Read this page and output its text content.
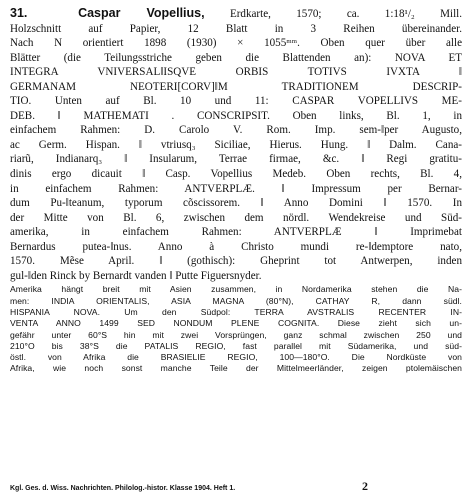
31.	Caspar Vopellius, Erdkarte, 1570; ca. 1:18¹/₂ Mill.
Holzschnitt auf Papier, 12 Blatt in 3 Reihen übereinander.
Nach N orientiert 1898 (1930) × 1055ᵐᵐ. Oben quer über alle
Blätter (die Teilungsstriche geben die Blattenden an): NOVA ET
INTEGRA VNIVERSAL‖ISQVE ORBIS TOTIVS IVXTA ‖
GERMANAM NEOTERI[CORV]‖M TRADITIONEM DESCRIP-
TIO. Unten auf Bl. 10 und 11: CASPAR VOPELLIVS ME-
DEB. ‖ MATHEMATI . CONSCRIPSIT. Oben links, Bl. 1, in
einfachem Rahmen: D. Carolo V. Rom. Imp. sem-‖per Augusto,
ac Germ. Hispan. ‖ vtriusq₃ Siciliae, Hierus. Hung. ‖ Dalm. Cana-
riarũ, Indianarq₃ ‖ Insularum, Terrae firmae, &c. ‖ Regi gratitu-
dinis ergo dicauit ‖ Casp. Vopellius Medeb. Oben rechts, Bl. 4,
in einfachem Rahmen: ANTVERPLÆ. ‖ Impressum per Bernar-
dum Pu-‖teanum, typorum cõscissorem. ‖ Anno Domini ‖ 1570. In
der Mitte von Bl. 6, zwischen dem nördl. Wendekreise und Süd-
amerika, in einfachem Rahmen: ANTVERPLÆ ‖ Imprimebat
Bernardus putea-‖nus. Anno à Christo mundi re-‖demptore nato,
1570. Mẽse April. ‖ (gothisch): Gheprint tot Antwerpen, inden
gul-‖den Rinck by Bernardt vanden ‖ Putte Figuersnyder.
Amerika hängt breit mit Asien zusammen, in Nordamerika stehen die Na-
men: INDIA ORIENTALIS, ASIA MAGNA (80°N), CATHAY R, dann südl.
HISPANIA NOVA. Um den Südpol: TERRA AVSTRALIS RECENTER IN-
VENTA ANNO 1499 SED NONDUM PLENE COGNITA. Diese zieht sich un-
gefähr unter 60°S hin mit zwei Vorsprüngen, ganz schmal zwischen 250 und
210°O bis 38°S die PATALIS REGIO, fast parallel mit Südamerika, und süd-
östl. von Afrika die BRASIELIE REGIO, 100—180°O. Die Nordküste von
Afrika, wie noch sonst manche Teile der Mittelmeerländer, zeigen ptolemäischen
Kgl. Ges. d. Wiss. Nachrichten. Philolog.-histor. Klasse 1904. Heft 1.	2
